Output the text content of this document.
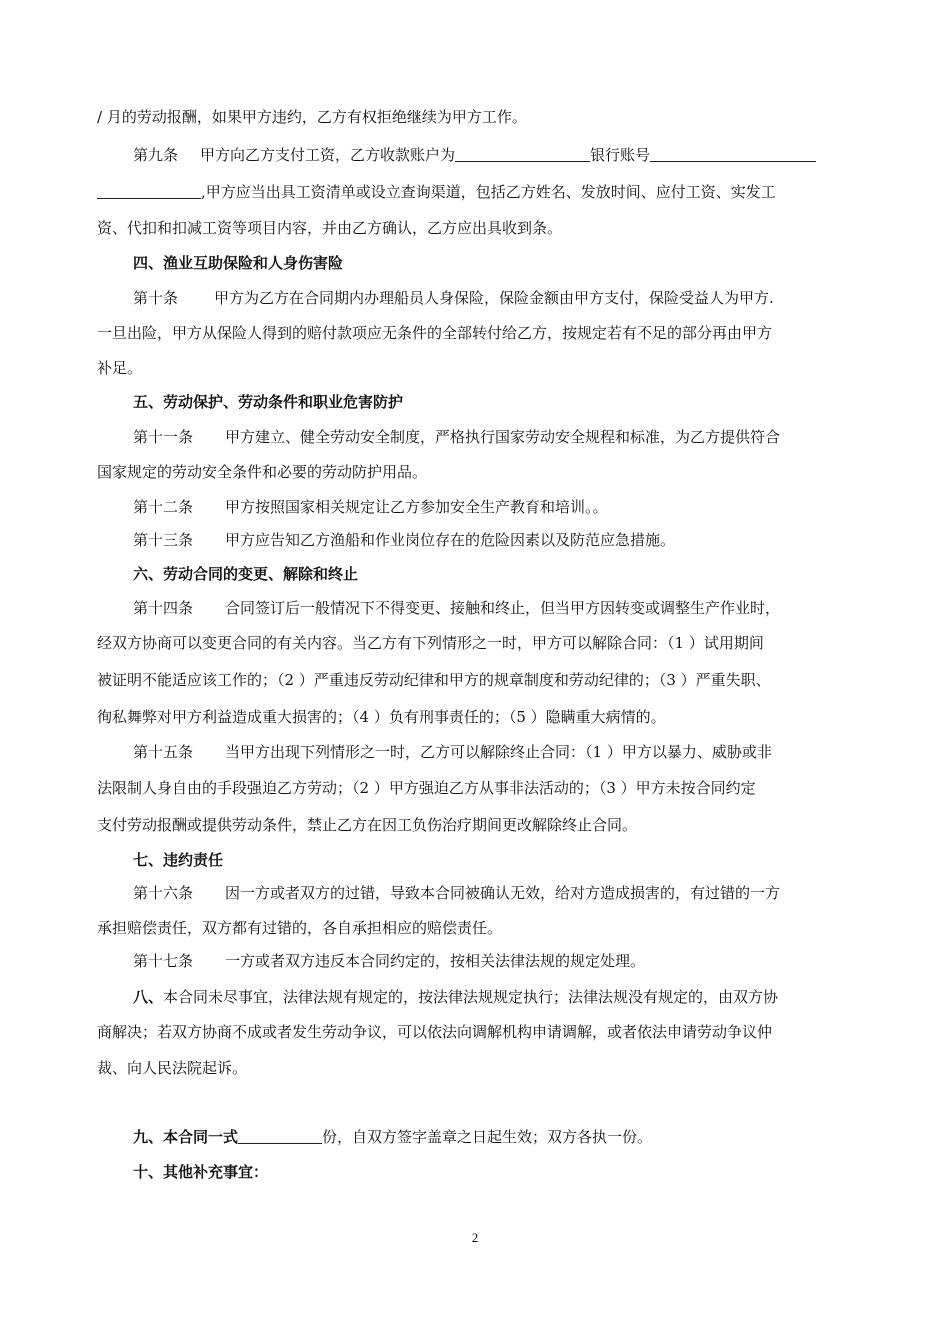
/ 月的劳动报酬，如果甲方违约，乙方有权拒绝继续为甲方工作。
第九条 甲方向乙方支付工资，乙方收款账户为	银行账号
,甲方应当出具工资清单或设立查询渠道，包括乙方姓名、发放时间、应付工资、实发工
资、代扣和扣减工资等项目内容，并由乙方确认，乙方应出具收到条。
四、渔业互助保险和人身伤害险
第十条 甲方为乙方在合同期内办理船员人身保险，保险金额由甲方支付，保险受益人为甲方.
一旦出险，甲方从保险人得到的赔付款项应无条件的全部转付给乙方，按规定若有不足的部分再由甲方
补足。
五、劳动保护、劳动条件和职业危害防护
第十一条 甲方建立、健全劳动安全制度，严格执行国家劳动安全规程和标准，为乙方提供符合
国家规定的劳动安全条件和必要的劳动防护用品。
第十二条 甲方按照国家相关规定让乙方参加安全生产教育和培训。。
第十三条 甲方应告知乙方渔船和作业岗位存在的危险因素以及防范应急措施。
六、劳动合同的变更、解除和终止
第十四条 合同签订后一般情况下不得变更、接触和终止，但当甲方因转变或调整生产作业时，
经双方协商可以变更合同的有关内容。当乙方有下列情形之一时，甲方可以解除合同：（1 ）试用期间
被证明不能适应该工作的；（2 ）严重违反劳动纪律和甲方的规章制度和劳动纪律的；（3 ）严重失职、
徇私舞弊对甲方利益造成重大损害的；（4 ）负有刑事责任的；（5 ）隐瞒重大病情的。
第十五条 当甲方出现下列情形之一时，乙方可以解除终止合同：（1 ）甲方以暴力、威胁或非
法限制人身自由的手段强迫乙方劳动；（2 ）甲方强迫乙方从事非法活动的；（3 ）甲方未按合同约定
支付劳动报酬或提供劳动条件，禁止乙方在因工负伤治疗期间更改解除终止合同。
七、违约责任
第十六条 因一方或者双方的过错，导致本合同被确认无效，给对方造成损害的，有过错的一方
承担赔偿责任，双方都有过错的，各自承担相应的赔偿责任。
第十七条 一方或者双方违反本合同约定的，按相关法律法规的规定处理。
八、本合同未尽事宜，法律法规有规定的，按法律法规规定执行；法律法规没有规定的，由双方协
商解决；若双方协商不成或者发生劳动争议，可以依法向调解机构申请调解，或者依法申请劳动争议仲
裁、向人民法院起诉。
九、本合同一式	份，自双方签字盖章之日起生效；双方各执一份。
十、其他补充事宜：
2
